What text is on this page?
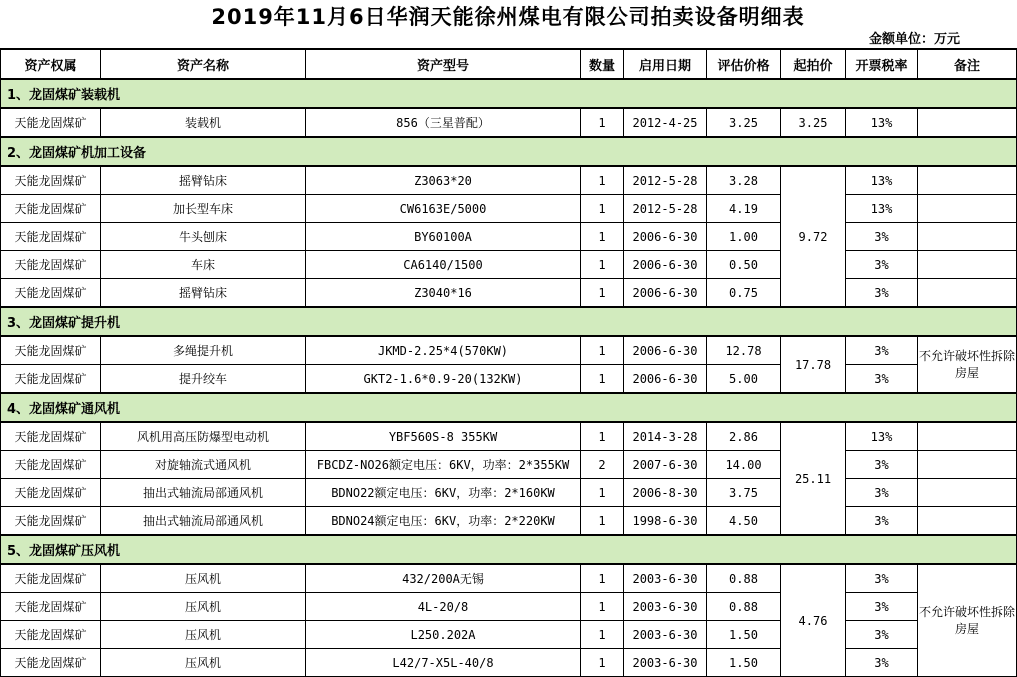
2019年11月6日华润天能徐州煤电有限公司拍卖设备明细表
金额单位：万元
资产权属	资产名称	资产型号	数量	启用日期	评估价格	起拍价	开票税率	备注
1、龙固煤矿装载机								
天能龙固煤矿	装载机	856（三星普配）	1	2012-4-25	3.25	3.25	13%	
2、龙固煤矿机加工设备								
天能龙固煤矿	摇臂钻床	Z3063*20	1	2012-5-28	3.28	9.72	13%	
天能龙固煤矿	加长型车床	CW6163E/5000	1	2012-5-28	4.19		13%	
天能龙固煤矿	牛头刨床	BY60100A	1	2006-6-30	1.00		3%	
天能龙固煤矿	车床	CA6140/1500	1	2006-6-30	0.50		3%	
天能龙固煤矿	摇臂钻床	Z3040*16	1	2006-6-30	0.75		3%	
3、龙固煤矿提升机								
天能龙固煤矿	多绳提升机	JKMD-2.25*4(570KW)	1	2006-6-30	12.78	17.78	3%	不允许破坏性拆除房屋
天能龙固煤矿	提升绞车	GKT2-1.6*0.9-20(132KW)	1	2006-6-30	5.00		3%	
4、龙固煤矿通风机								
天能龙固煤矿	风机用高压防爆型电动机	YBF560S-8 355KW	1	2014-3-28	2.86	25.11	13%	
天能龙固煤矿	对旋轴流式通风机	FBCDZ-NO26额定电压：6KV，功率：2*355KW	2	2007-6-30	14.00		3%	
天能龙固煤矿	抽出式轴流局部通风机	BDNO22额定电压：6KV，功率：2*160KW	1	2006-8-30	3.75		3%	
天能龙固煤矿	抽出式轴流局部通风机	BDNO24额定电压：6KV，功率：2*220KW	1	1998-6-30	4.50		3%	
5、龙固煤矿压风机								
天能龙固煤矿	压风机	432/200A无锡	1	2003-6-30	0.88	4.76	3%	不允许破坏性拆除房屋
天能龙固煤矿	压风机	4L-20/8	1	2003-6-30	0.88		3%	
天能龙固煤矿	压风机	L250.202A	1	2003-6-30	1.50		3%	
天能龙固煤矿	压风机	L42/7-X5L-40/8	1	2003-6-30	1.50		3%	
